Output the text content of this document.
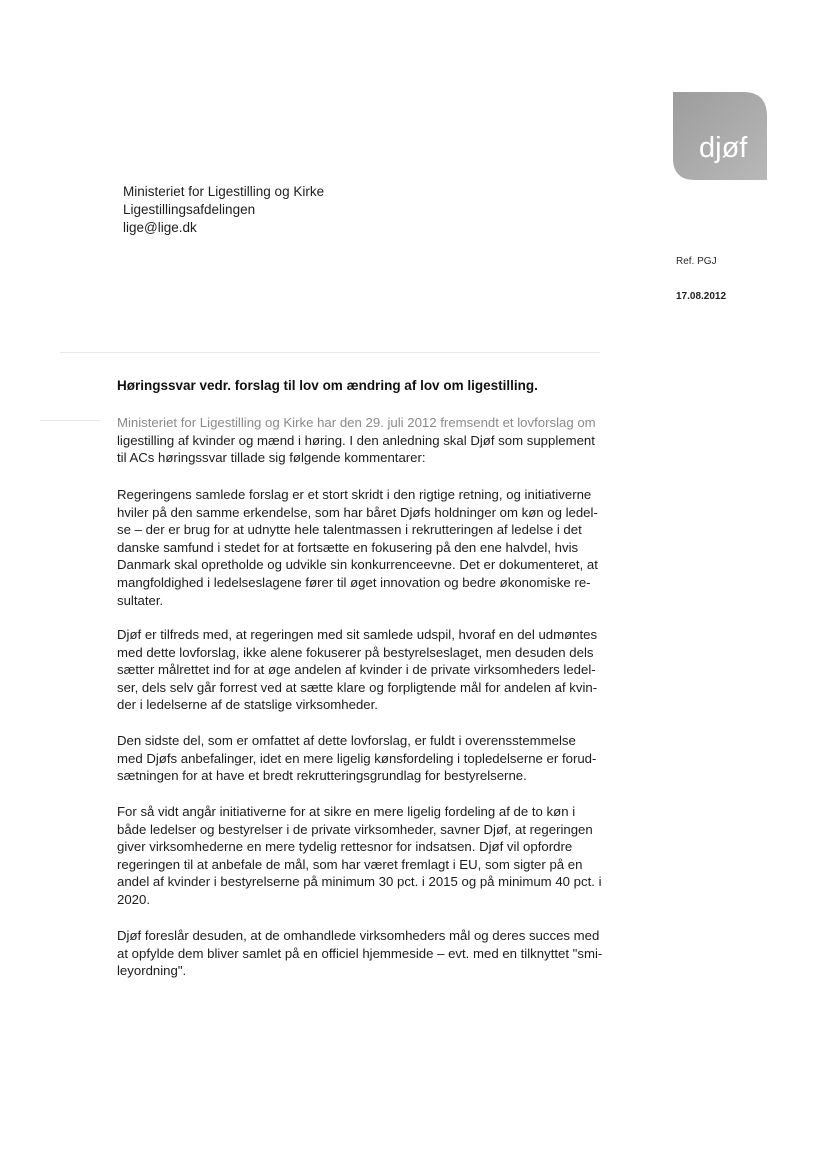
djøf
Ministeriet for Ligestilling og Kirke
Ligestillingsafdelingen
lige@lige.dk
Ref. PGJ
17.08.2012
Høringssvar vedr. forslag til lov om ændring af lov om ligestilling.
Ministeriet for Ligestilling og Kirke har den 29. juli 2012 fremsendt et lovforslag om
ligestilling af kvinder og mænd i høring. I den anledning skal Djøf som supplement
til ACs høringssvar tillade sig følgende kommentarer:
Regeringens samlede forslag er et stort skridt i den rigtige retning, og initiativerne
hviler på den samme erkendelse, som har båret Djøfs holdninger om køn og ledel-
se – der er brug for at udnytte hele talentmassen i rekrutteringen af ledelse i det
danske samfund i stedet for at fortsætte en fokusering på den ene halvdel, hvis
Danmark skal opretholde og udvikle sin konkurrenceevne. Det er dokumenteret, at
mangfoldighed i ledelseslagene fører til øget innovation og bedre økonomiske re-
sultater.
Djøf er tilfreds med, at regeringen med sit samlede udspil, hvoraf en del udmøntes
med dette lovforslag, ikke alene fokuserer på bestyrelseslaget, men desuden dels
sætter målrettet ind for at øge andelen af kvinder i de private virksomheders ledel-
ser, dels selv går forrest ved at sætte klare og forpligtende mål for andelen af kvin-
der i ledelserne af de statslige virksomheder.
Den sidste del, som er omfattet af dette lovforslag, er fuldt i overensstemmelse
med Djøfs anbefalinger, idet en mere ligelig kønsfordeling i topledelserne er forud-
sætningen for at have et bredt rekrutteringsgrundlag for bestyrelserne.
For så vidt angår initiativerne for at sikre en mere ligelig fordeling af de to køn i
både ledelser og bestyrelser i de private virksomheder, savner Djøf, at regeringen
giver virksomhederne en mere tydelig rettesnor for indsatsen. Djøf vil opfordre
regeringen til at anbefale de mål, som har været fremlagt i EU, som sigter på en
andel af kvinder i bestyrelserne på minimum 30 pct. i 2015 og på minimum 40 pct. i
2020.
Djøf foreslår desuden, at de omhandlede virksomheders mål og deres succes med
at opfylde dem bliver samlet på en officiel hjemmeside – evt. med en tilknyttet "smi-
leyordning".
